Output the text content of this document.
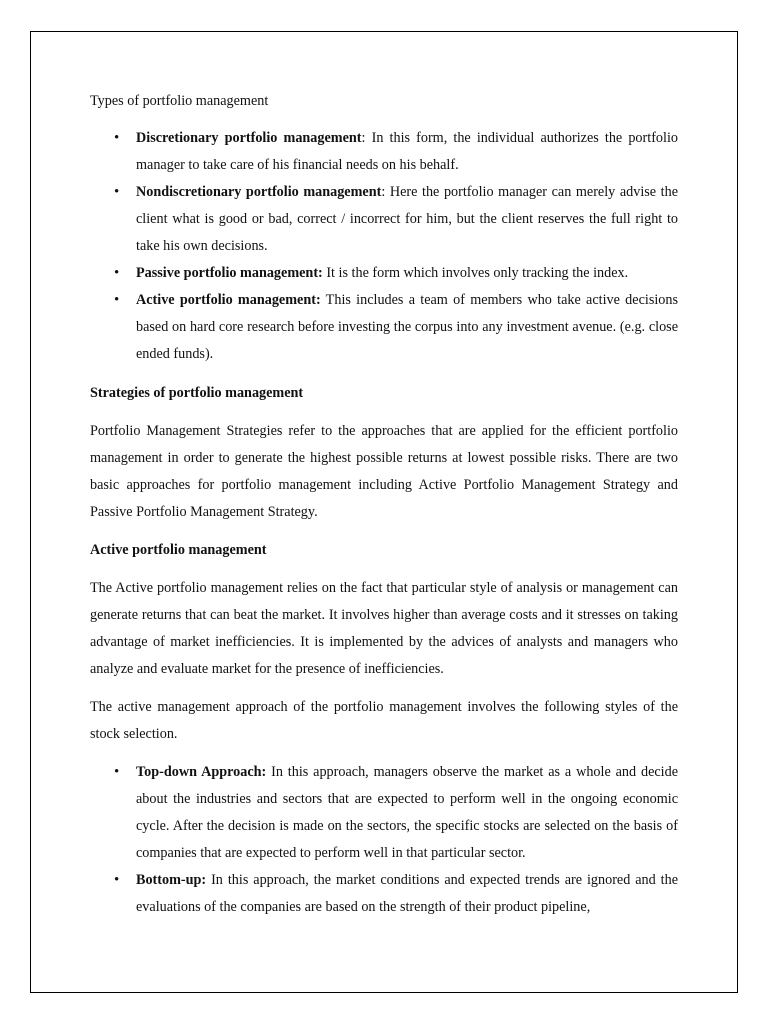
Types of portfolio management

• Discretionary portfolio management: In this form, the individual authorizes the portfolio manager to take care of his financial needs on his behalf.
• Nondiscretionary portfolio management: Here the portfolio manager can merely advise the client what is good or bad, correct / incorrect for him, but the client reserves the full right to take his own decisions.
• Passive portfolio management: It is the form which involves only tracking the index.
• Active portfolio management: This includes a team of members who take active decisions based on hard core research before investing the corpus into any investment avenue. (e.g. close ended funds).

Strategies of portfolio management

Portfolio Management Strategies refer to the approaches that are applied for the efficient portfolio management in order to generate the highest possible returns at lowest possible risks. There are two basic approaches for portfolio management including Active Portfolio Management Strategy and Passive Portfolio Management Strategy.

Active portfolio management

The Active portfolio management relies on the fact that particular style of analysis or management can generate returns that can beat the market. It involves higher than average costs and it stresses on taking advantage of market inefficiencies. It is implemented by the advices of analysts and managers who analyze and evaluate market for the presence of inefficiencies.

The active management approach of the portfolio management involves the following styles of the stock selection.

• Top-down Approach: In this approach, managers observe the market as a whole and decide about the industries and sectors that are expected to perform well in the ongoing economic cycle. After the decision is made on the sectors, the specific stocks are selected on the basis of companies that are expected to perform well in that particular sector.
• Bottom-up: In this approach, the market conditions and expected trends are ignored and the evaluations of the companies are based on the strength of their product pipeline,
